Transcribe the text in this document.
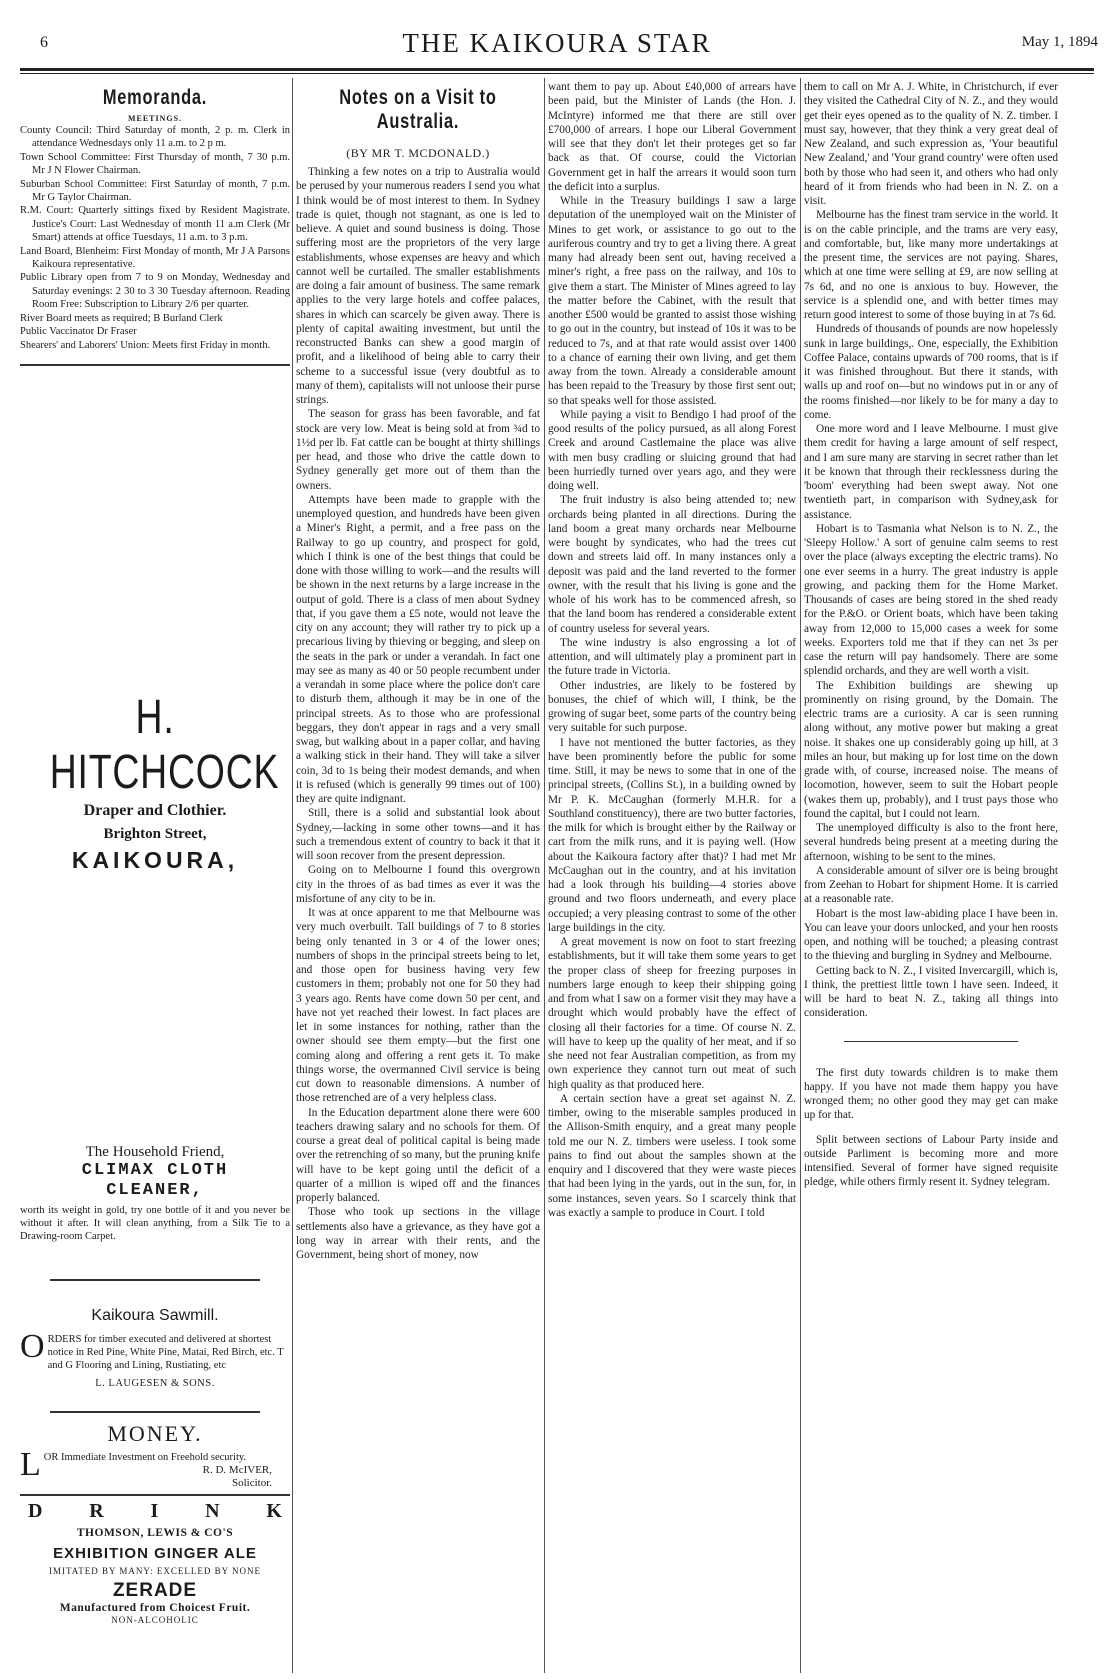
6	THE KAIKOURA STAR	May 1, 1894
Memoranda.
MEETINGS.

County Council: Third Saturday of month, 2 p. m. Clerk in attendance Wednesdays only 11 a.m. to 2 p m.

Town School Committee: First Thursday of month, 7 30 p.m. Mr J N Flower Chairman.

Suburban School Committee: First Saturday of month, 7 p.m. Mr G Taylor Chairman.

R.M. Court: Quarterly sittings fixed by Resident Magistrate. Justice's Court: Last Wednesday of month 11 a.m Clerk (Mr Smart) attends at office Tuesdays, 11 a.m. to 3 p.m.

Land Board, Blenheim: First Monday of month, Mr J A Parsons Kaikoura representative.

Public Library open from 7 to 9 on Monday, Wednesday and Saturday evenings: 2 30 to 3 30 Tuesday afternoon. Reading Room Free: Subscription to Library 2/6 per quarter.

River Board meets as required; B Burland Clerk

Public Vaccinator Dr Fraser

Shearers' and Laborers' Union: Meets first Friday in month.

H. HITCHCOCK
Draper and Clothier.
Brighton Street,
KAIKOURA,
The Household Friend,
CLIMAX CLOTH
CLEANER,
worth its weight in gold, try one bottle of it and you never be without it after. It will clean anything, from a Silk Tie to a Drawing-room Carpet.
Kaikoura Sawmill.
ORDERS for timber executed and delivered at shortest notice in Red Pine, White Pine, Matai, Red Birch, etc. T and G Flooring and Lining, Rustiating, etc
L. LAUGESEN & SONS.
MONEY.
LOR Immediate Investment on Freehold security.
R. D. McIVER,
Solicitor.
D R I N K
THOMSON, LEWIS & CO'S
EXHIBITION GINGER ALE
IMITATED BY MANY: EXCELLED BY NONE
ZERADE
Manufactured from Choicest Fruit.
NON-ALCOHOLIC
Notes on a Visit to Australia.
(BY MR T. MCDONALD.)

Thinking a few notes on a trip to Australia would be perused by your numerous readers I send you what I think would be of most interest to them. In Sydney trade is quiet, though not stagnant, as one is led to believe. A quiet and sound business is doing. Those suffering most are the proprietors of the very large establishments, whose expenses are heavy and which cannot well be curtailed. The smaller establishments are doing a fair amount of business. The same remark applies to the very large hotels and coffee palaces, shares in which can scarcely be given away. There is plenty of capital awaiting investment, but until the reconstructed Banks can shew a good margin of profit, and a likelihood of being able to carry their scheme to a successful issue (very doubtful as to many of them), capitalists will not unloose their purse strings.

The season for grass has been favorable, and fat stock are very low. Meat is being sold at from ¾d to 1½d per lb. Fat cattle can be bought at thirty shillings per head, and those who drive the cattle down to Sydney generally get more out of them than the owners.

Attempts have been made to grapple with the unemployed question, and hundreds have been given a Miner's Right, a permit, and a free pass on the Railway to go up country, and prospect for gold, which I think is one of the best things that could be done with those willing to work—and the results will be shown in the next returns by a large increase in the output of gold. There is a class of men about Sydney that, if you gave them a £5 note, would not leave the city on any account; they will rather try to pick up a precarious living by thieving or begging, and sleep on the seats in the park or under a verandah. In fact one may see as many as 40 or 50 people recumbent under a verandah in some place where the police don't care to disturb them, although it may be in one of the principal streets. As to those who are professional beggars, they don't appear in rags and a very small swag, but walking about in a paper collar, and having a walking stick in their hand. They will take a silver coin, 3d to 1s being their modest demands, and when it is refused (which is generally 99 times out of 100) they are quite indignant.

Still, there is a solid and substantial look about Sydney,—lacking in some other towns—and it has such a tremendous extent of country to back it that it will soon recover from the present depression.

Going on to Melbourne I found this overgrown city in the throes of as bad times as ever it was the misfortune of any city to be in.

It was at once apparent to me that Melbourne was very much overbuilt. Tall buildings of 7 to 8 stories being only tenanted in 3 or 4 of the lower ones; numbers of shops in the principal streets being to let, and those open for business having very few customers in them; probably not one for 50 they had 3 years ago. Rents have come down 50 per cent, and have not yet reached their lowest. In fact places are let in some instances for nothing, rather than the owner should see them empty—but the first one coming along and offering a rent gets it. To make things worse, the overmanned Civil service is being cut down to reasonable dimensions. A number of those retrenched are of a very helpless class.

In the Education department alone there were 600 teachers drawing salary and no schools for them. Of course a great deal of political capital is being made over the retrenching of so many, but the pruning knife will have to be kept going until the deficit of a quarter of a million is wiped off and the finances properly balanced.

Those who took up sections in the village settlements also have a grievance, as they have got a long way in arrear with their rents, and the Government, being short of money, now

want them to pay up. About £40,000 of arrears have been paid, but the Minister of Lands (the Hon. J. McIntyre) informed me that there are still over £700,000 of arrears. I hope our Liberal Government will see that they don't let their proteges get so far back as that. Of course, could the Victorian Government get in half the arrears it would soon turn the deficit into a surplus.

While in the Treasury buildings I saw a large deputation of the unemployed wait on the Minister of Mines to get work, or assistance to go out to the auriferous country and try to get a living there. A great many had already been sent out, having received a miner's right, a free pass on the railway, and 10s to give them a start. The Minister of Mines agreed to lay the matter before the Cabinet, with the result that another £500 would be granted to assist those wishing to go out in the country, but instead of 10s it was to be reduced to 7s, and at that rate would assist over 1400 to a chance of earning their own living, and get them away from the town. Already a considerable amount has been repaid to the Treasury by those first sent out; so that speaks well for those assisted.

While paying a visit to Bendigo I had proof of the good results of the policy pursued, as all along Forest Creek and around Castlemaine the place was alive with men busy cradling or sluicing ground that had been hurriedly turned over years ago, and they were doing well.

The fruit industry is also being attended to; new orchards being planted in all directions. During the land boom a great many orchards near Melbourne were bought by syndicates, who had the trees cut down and streets laid off. In many instances only a deposit was paid and the land reverted to the former owner, with the result that his living is gone and the whole of his work has to be commenced afresh, so that the land boom has rendered a considerable extent of country useless for several years.

The wine industry is also engrossing a lot of attention, and will ultimately play a prominent part in the future trade in Victoria.

Other industries, are likely to be fostered by bonuses, the chief of which will, I think, be the growing of sugar beet, some parts of the country being very suitable for such purpose.

I have not mentioned the butter factories, as they have been prominently before the public for some time. Still, it may be news to some that in one of the principal streets, (Collins St.), in a building owned by Mr P. K. McCaughan (formerly M.H.R. for a Southland constituency), there are two butter factories, the milk for which is brought either by the Railway or cart from the milk runs, and it is paying well. (How about the Kaikoura factory after that)? I had met Mr McCaughan out in the country, and at his invitation had a look through his building—4 stories above ground and two floors underneath, and every place occupied; a very pleasing contrast to some of the other large buildings in the city.

A great movement is now on foot to start freezing establishments, but it will take them some years to get the proper class of sheep for freezing purposes in numbers large enough to keep their shipping going and from what I saw on a former visit they may have a drought which would probably have the effect of closing all their factories for a time. Of course N. Z. will have to keep up the quality of her meat, and if so she need not fear Australian competition, as from my own experience they cannot turn out meat of such high quality as that produced here.

A certain section have a great set against N. Z. timber, owing to the miserable samples produced in the Allison-Smith enquiry, and a great many people told me our N. Z. timbers were useless. I took some pains to find out about the samples shown at the enquiry and I discovered that they were waste pieces that had been lying in the yards, out in the sun, for, in some instances, seven years. So I scarcely think that was exactly a sample to produce in Court. I told

them to call on Mr A. J. White, in Christchurch, if ever they visited the Cathedral City of N. Z., and they would get their eyes opened as to the quality of N. Z. timber. I must say, however, that they think a very great deal of New Zealand, and such expression as, 'Your beautiful New Zealand,' and 'Your grand country' were often used both by those who had seen it, and others who had only heard of it from friends who had been in N. Z. on a visit.

Melbourne has the finest tram service in the world. It is on the cable principle, and the trams are very easy, and comfortable, but, like many more undertakings at the present time, the services are not paying. Shares, which at one time were selling at £9, are now selling at 7s 6d, and no one is anxious to buy. However, the service is a splendid one, and with better times may return good interest to some of those buying in at 7s 6d.

Hundreds of thousands of pounds are now hopelessly sunk in large buildings,. One, especially, the Exhibition Coffee Palace, contains upwards of 700 rooms, that is if it was finished throughout. But there it stands, with walls up and roof on—but no windows put in or any of the rooms finished—nor likely to be for many a day to come.

One more word and I leave Melbourne. I must give them credit for having a large amount of self respect, and I am sure many are starving in secret rather than let it be known that through their recklessness during the 'boom' everything had been swept away. Not one twentieth part, in comparison with Sydney,ask for assistance.

Hobart is to Tasmania what Nelson is to N. Z., the 'Sleepy Hollow.' A sort of genuine calm seems to rest over the place (always excepting the electric trams). No one ever seems in a hurry. The great industry is apple growing, and packing them for the Home Market. Thousands of cases are being stored in the shed ready for the P.&O. or Orient boats, which have been taking away from 12,000 to 15,000 cases a week for some weeks. Exporters told me that if they can net 3s per case the return will pay handsomely. There are some splendid orchards, and they are well worth a visit.

The Exhibition buildings are shewing up prominently on rising ground, by the Domain. The electric trams are a curiosity. A car is seen running along without, any motive power but making a great noise. It shakes one up considerably going up hill, at 3 miles an hour, but making up for lost time on the down grade with, of course, increased noise. The means of locomotion, however, seem to suit the Hobart people (wakes them up, probably), and I trust pays those who found the capital, but I could not learn.

The unemployed difficulty is also to the front here, several hundreds being present at a meeting during the afternoon, wishing to be sent to the mines.

A considerable amount of silver ore is being brought from Zeehan to Hobart for shipment Home. It is carried at a reasonable rate.

Hobart is the most law-abiding place I have been in. You can leave your doors unlocked, and your hen roosts open, and nothing will be touched; a pleasing contrast to the thieving and burgling in Sydney and Melbourne.

Getting back to N. Z., I visited Invercargill, which is, I think, the prettiest little town I have seen. Indeed, it will be hard to beat N. Z., taking all things into consideration.

The first duty towards children is to make them happy. If you have not made them happy you have wronged them; no other good they may get can make up for that.

Split between sections of Labour Party inside and outside Parliment is becoming more and more intensified. Several of former have signed requisite pledge, while others firmly resent it. Sydney telegram.
